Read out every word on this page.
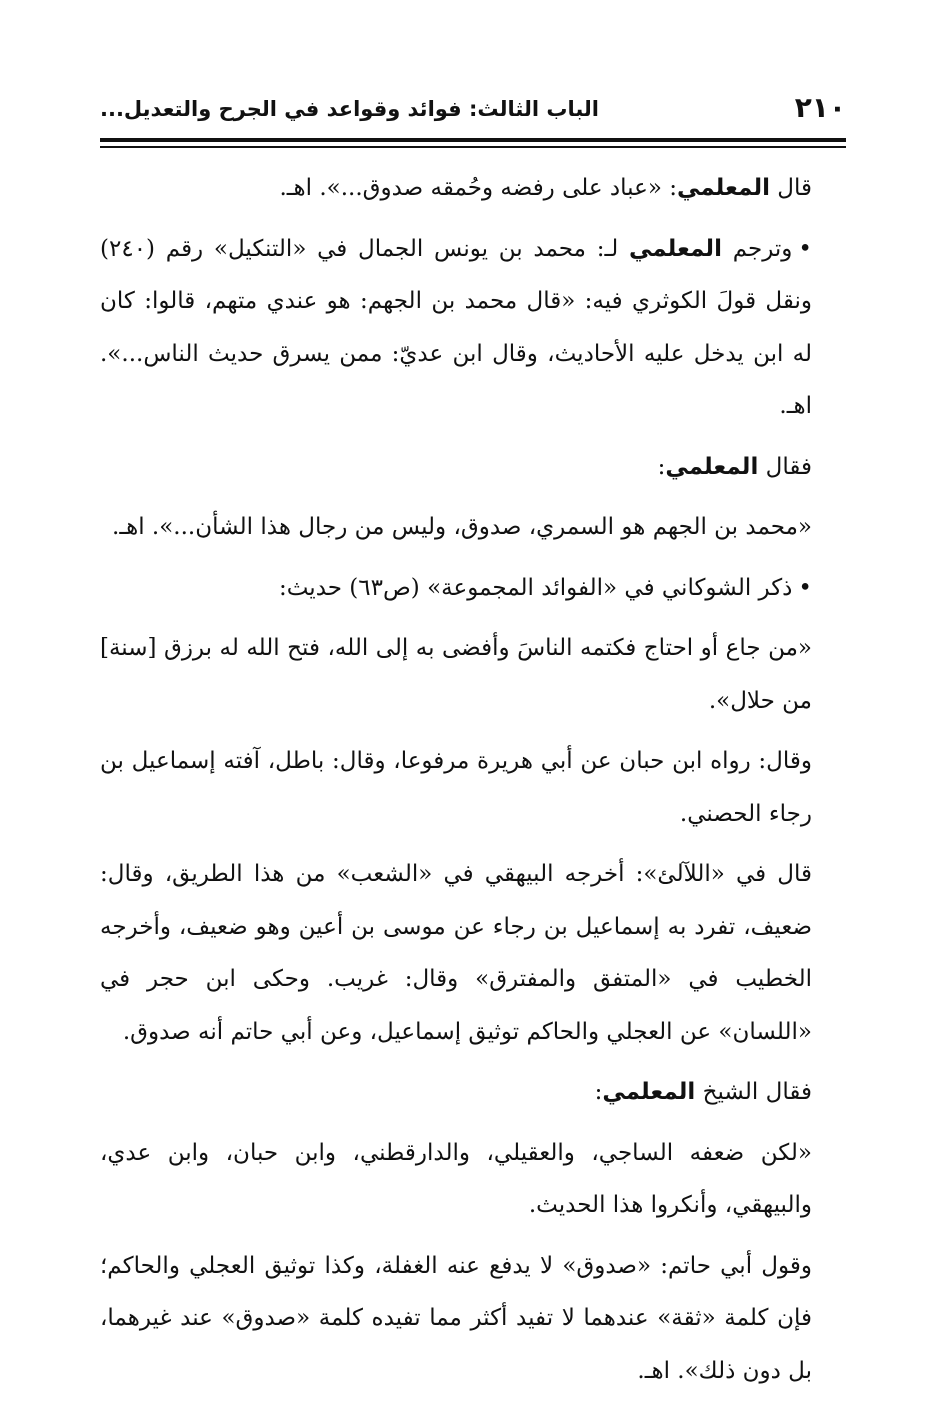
٢١٠
الباب الثالث: فوائد وقواعد في الجرح والتعديل...

قال المعلمي: «عباد على رفضه وحُمقه صدوق...». اهـ.

•وترجم المعلمي لـ: محمد بن يونس الجمال في «التنكيل» رقم (٢٤٠) ونقل قولَ الكوثري فيه: «قال محمد بن الجهم: هو عندي متهم، قالوا: كان له ابن يدخل عليه الأحاديث، وقال ابن عديّ: ممن يسرق حديث الناس...». اهـ.

فقال المعلمي:

«محمد بن الجهم هو السمري، صدوق، وليس من رجال هذا الشأن...». اهـ.

•ذكر الشوكاني في «الفوائد المجموعة» (ص٦٣) حديث:

«من جاع أو احتاج فكتمه الناسَ وأفضى به إلى الله، فتح الله له برزق [سنة] من حلال».

وقال: رواه ابن حبان عن أبي هريرة مرفوعا، وقال: باطل، آفته إسماعيل بن رجاء الحصني.

قال في «اللآلئ»: أخرجه البيهقي في «الشعب» من هذا الطريق، وقال: ضعيف، تفرد به إسماعيل بن رجاء عن موسى بن أعين وهو ضعيف، وأخرجه الخطيب في «المتفق والمفترق» وقال: غريب. وحكى ابن حجر في «اللسان» عن العجلي والحاكم توثيق إسماعيل، وعن أبي حاتم أنه صدوق.

فقال الشيخ المعلمي:

«لكن ضعفه الساجي، والعقيلي، والدارقطني، وابن حبان، وابن عدي، والبيهقي، وأنكروا هذا الحديث.

وقول أبي حاتم: «صدوق» لا يدفع عنه الغفلة، وكذا توثيق العجلي والحاكم؛ فإن كلمة «ثقة» عندهما لا تفيد أكثر مما تفيده كلمة «صدوق» عند غيرهما، بل دون ذلك». اهـ.
